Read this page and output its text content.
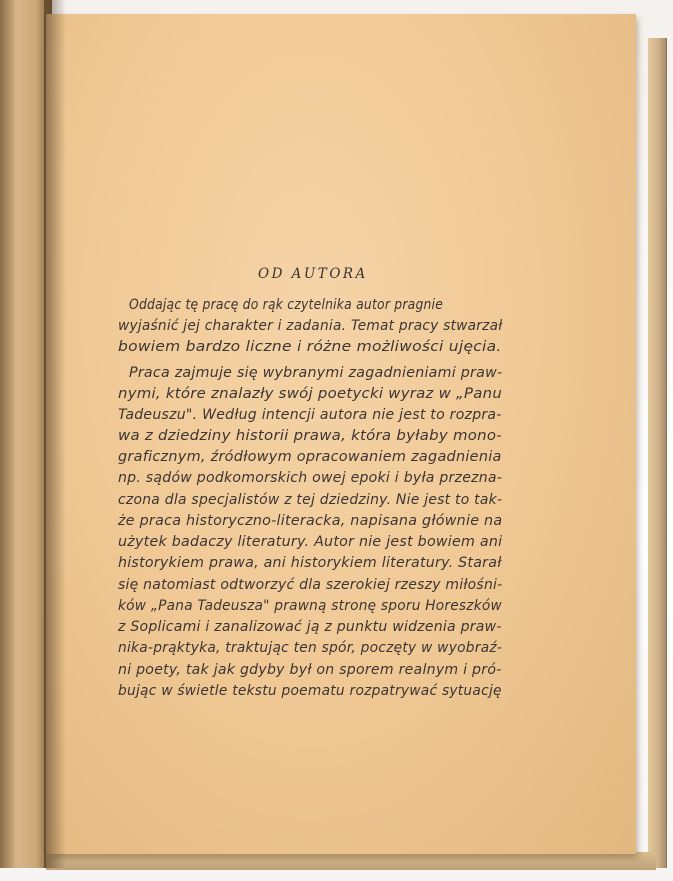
OD AUTORA
Oddając tę pracę do rąk czytelnika autor pragnie
wyjaśnić jej charakter i zadania. Temat pracy stwarzał
bowiem bardzo liczne i różne możliwości ujęcia.
Praca zajmuje się wybranymi zagadnieniami praw-
nymi, które znalazły swój poetycki wyraz w „Panu
Tadeuszu". Według intencji autora nie jest to rozpra-
wa z dziedziny historii prawa, która byłaby mono-
graficznym, źródłowym opracowaniem zagadnienia
np. sądów podkomorskich owej epoki i była przezna-
czona dla specjalistów z tej dziedziny. Nie jest to tak-
że praca historyczno-literacka, napisana głównie na
użytek badaczy literatury. Autor nie jest bowiem ani
historykiem prawa, ani historykiem literatury. Starał
się natomiast odtworzyć dla szerokiej rzeszy miłośni-
ków „Pana Tadeusza" prawną stronę sporu Horeszków
z Soplicami i zanalizować ją z punktu widzenia praw-
nika-prąktyka, traktując ten spór, poczęty w wyobraź-
ni poety, tak jak gdyby był on sporem realnym i pró-
bując w świetle tekstu poematu rozpatrywać sytuację
